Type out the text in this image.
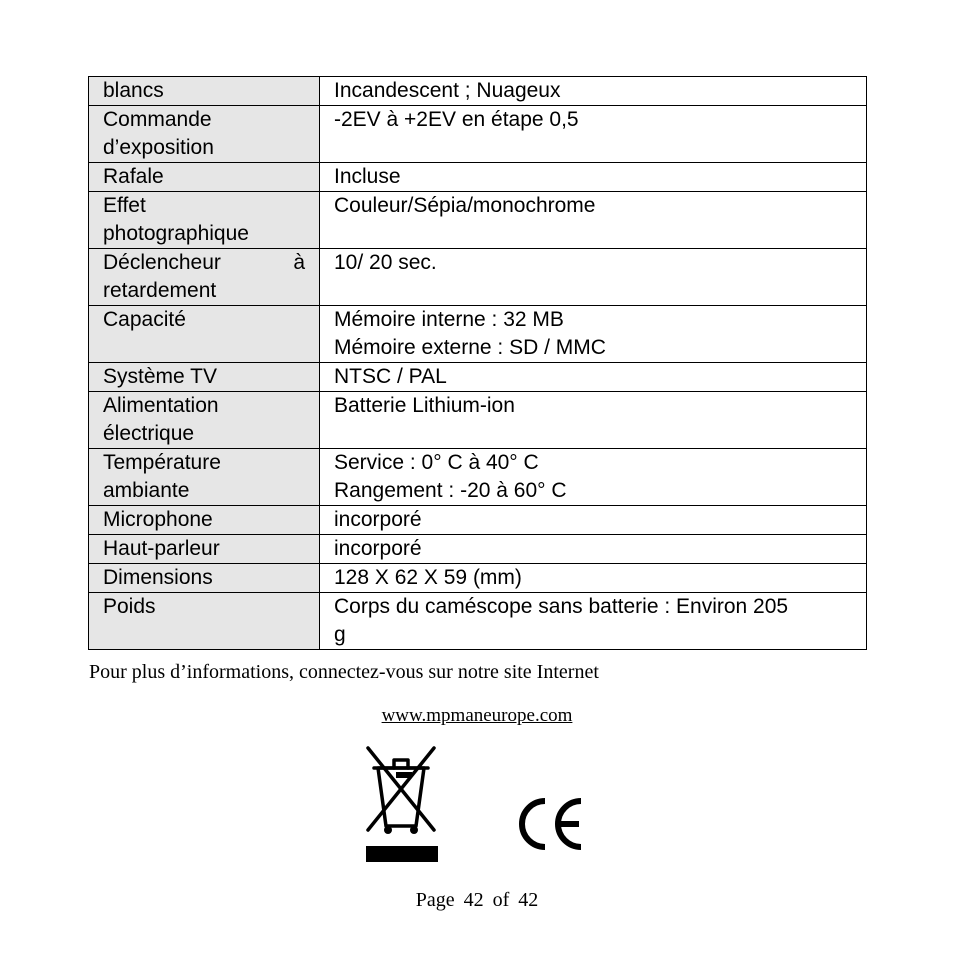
blancs	Incandescent ; Nuageux

Commande
d’exposition	-2EV à +2EV en étape 0,5

Rafale	Incluse

Effet
photographique	Couleur/Sépia/monochrome

Déclencheur à
retardement	10/ 20 sec.

Capacité	Mémoire interne : 32 MB
Mémoire externe : SD / MMC

Système TV	NTSC / PAL

Alimentation
électrique	Batterie Lithium-ion

Température
ambiante	Service : 0° C à 40° C
Rangement : -20 à 60° C

Microphone	incorporé

Haut-parleur	incorporé

Dimensions	128 X 62 X 59 (mm)

Poids	Corps du caméscope sans batterie : Environ 205
g
Pour plus d’informations, connectez-vous sur notre site Internet
www.mpmaneurope.com
Page 42 of 42
